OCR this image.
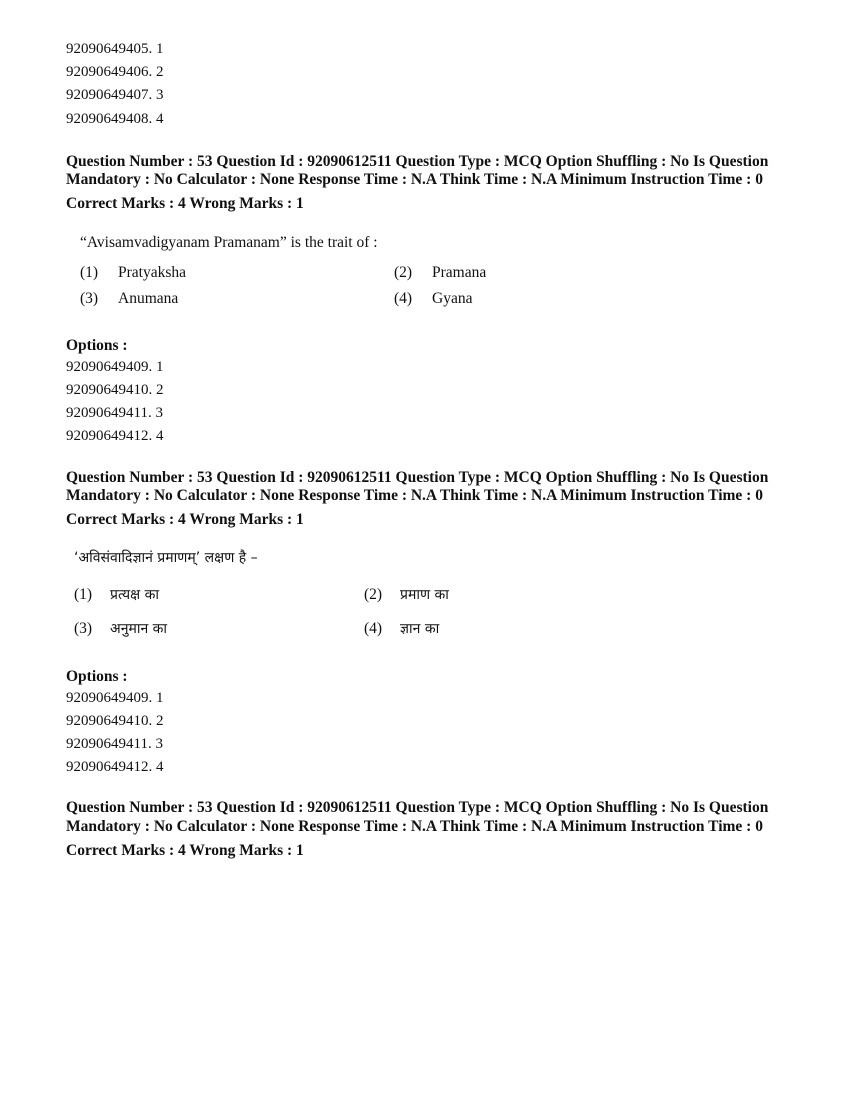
92090649405. 1
92090649406. 2
92090649407. 3
92090649408. 4
Question Number : 53 Question Id : 92090612511 Question Type : MCQ Option Shuffling : No Is Question Mandatory : No Calculator : None Response Time : N.A Think Time : N.A Minimum Instruction Time : 0
Correct Marks : 4 Wrong Marks : 1
“Avisamvadigyanam Pramanam” is the trait of :
(1) Pratyaksha	(2) Pramana
(3) Anumana	(4) Gyana
Options :
92090649409. 1
92090649410. 2
92090649411. 3
92090649412. 4
Question Number : 53 Question Id : 92090612511 Question Type : MCQ Option Shuffling : No Is Question Mandatory : No Calculator : None Response Time : N.A Think Time : N.A Minimum Instruction Time : 0
Correct Marks : 4 Wrong Marks : 1
‘अविसंवादिज्ञानं प्रमाणम्’ लक्षण है –
(1) प्रत्यक्ष का	(2) प्रमाण का
(3) अनुमान का	(4) ज्ञान का
Options :
92090649409. 1
92090649410. 2
92090649411. 3
92090649412. 4
Question Number : 53 Question Id : 92090612511 Question Type : MCQ Option Shuffling : No Is Question Mandatory : No Calculator : None Response Time : N.A Think Time : N.A Minimum Instruction Time : 0
Correct Marks : 4 Wrong Marks : 1
